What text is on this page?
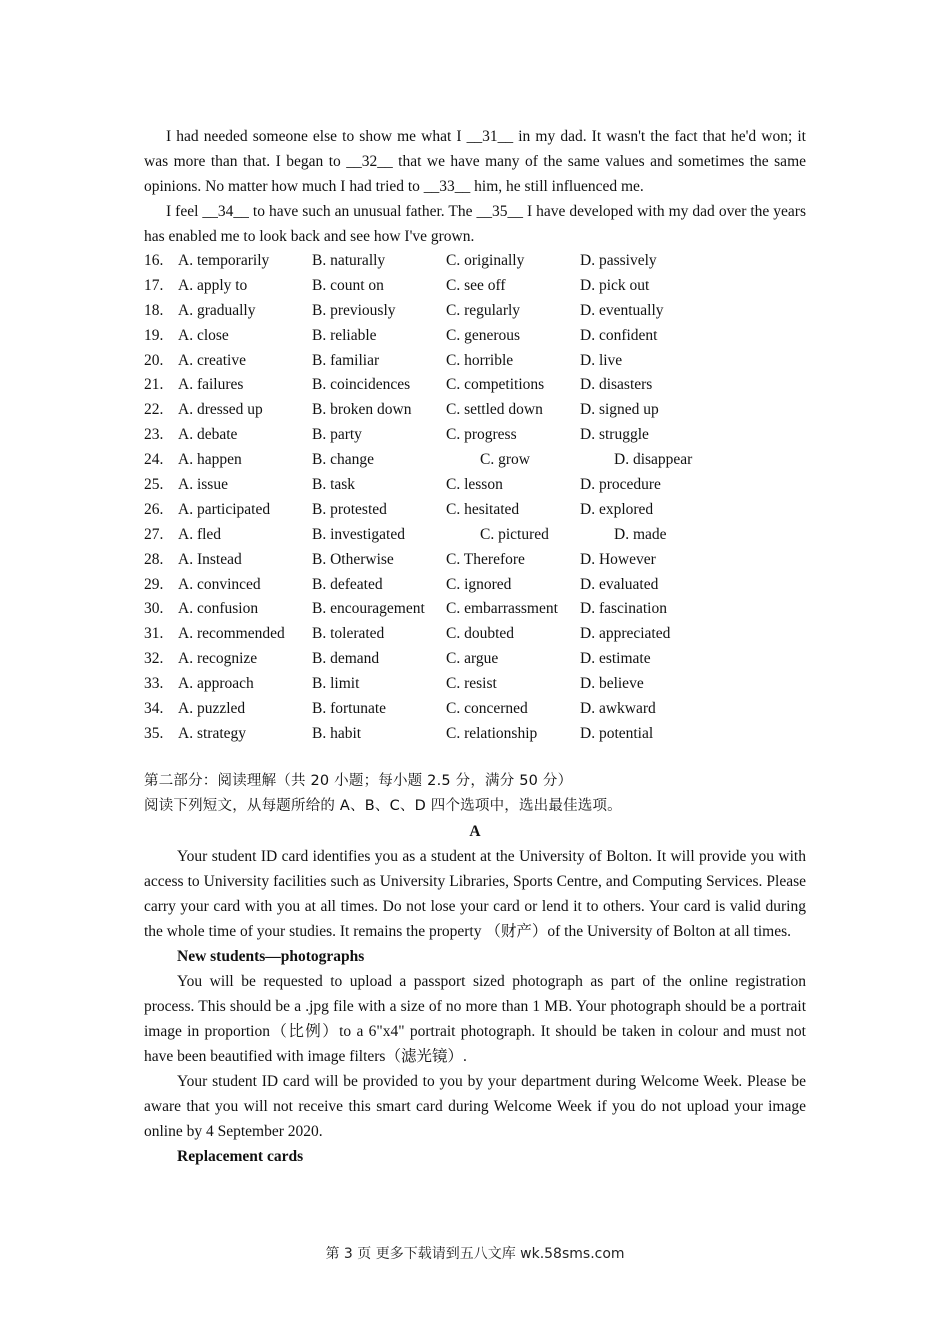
I had needed someone else to show me what I __31__ in my dad. It wasn't the fact that he'd won; it was more than that. I began to __32__ that we have many of the same values and sometimes the same opinions. No matter how much I had tried to __33__ him, he still influenced me.

I feel __34__ to have such an unusual father. The __35__ I have developed with my dad over the years has enabled me to look back and see how I've grown.

16. A. temporarily	B. naturally	C. originally	D. passively
17. A. apply to	B. count on	C. see off	D. pick out
18. A. gradually	B. previously	C. regularly	D. eventually
19. A. close	B. reliable	C. generous	D. confident
20. A. creative	B. familiar	C. horrible	D. live
21. A. failures	B. coincidences	C. competitions	D. disasters
22. A. dressed up	B. broken down	C. settled down	D. signed up
23. A. debate	B. party	C. progress	D. struggle
24. A. happen	B. change	C. grow	D. disappear
25. A. issue	B. task	C. lesson	D. procedure
26. A. participated	B. protested	C. hesitated	D. explored
27. A. fled	B. investigated	C. pictured	D. made
28. A. Instead	B. Otherwise	C. Therefore	D. However
29. A. convinced	B. defeated	C. ignored	D. evaluated
30. A. confusion	B. encouragement	C. embarrassment	D. fascination
31. A. recommended	B. tolerated	C. doubted	D. appreciated
32. A. recognize	B. demand	C. argue	D. estimate
33. A. approach	B. limit	C. resist	D. believe
34. A. puzzled	B. fortunate	C. concerned	D. awkward
35. A. strategy	B. habit	C. relationship	D. potential

第二部分：阅读理解（共 20 小题；每小题 2.5 分，满分 50 分）

阅读下列短文，从每题所给的 A、B、C、D 四个选项中，选出最佳选项。

A

Your student ID card identifies you as a student at the University of Bolton. It will provide you with access to University facilities such as University Libraries, Sports Centre, and Computing Services. Please carry your card with you at all times. Do not lose your card or lend it to others. Your card is valid during the whole time of your studies. It remains the property （财产）of the University of Bolton at all times.

New students—photographs

You will be requested to upload a passport sized photograph as part of the online registration process. This should be a .jpg file with a size of no more than 1 MB. Your photograph should be a portrait image in proportion（比例）to a 6"x4" portrait photograph. It should be taken in colour and must not have been beautified with image filters（滤光镜）.

Your student ID card will be provided to you by your department during Welcome Week. Please be aware that you will not receive this smart card during Welcome Week if you do not upload your image online by 4 September 2020.

Replacement cards

第 3 页 更多下载请到五八文库 wk.58sms.com
